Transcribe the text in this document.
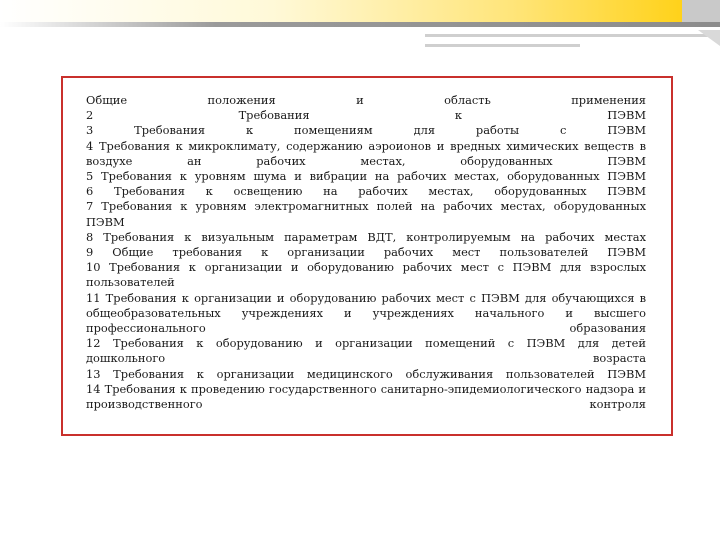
Общие положения и область применения
2 Требования к ПЭВМ
3 Требования к помещениям для работы с ПЭВМ
4 Требования к микроклимату, содержанию аэроионов и вредных химических веществ в
воздухе ан рабочих местах, оборудованных ПЭВМ
5 Требования к уровням шума и вибрации на рабочих местах, оборудованных ПЭВМ
6 Требования к освещению на рабочих местах, оборудованных ПЭВМ
7 Требования к уровням электромагнитных полей на рабочих местах, оборудованных
ПЭВМ
8 Требования к визуальным параметрам ВДТ, контролируемым на рабочих местах
9 Общие требования к организации рабочих мест пользователей ПЭВМ
10 Требования к организации и оборудованию рабочих мест с ПЭВМ для взрослых
пользователей
11 Требования к организации и оборудованию рабочих мест с ПЭВМ для обучающихся в
общеобразовательных учреждениях и учреждениях начального и высшего
профессионального образования
12 Требования к оборудованию и организации помещений с ПЭВМ для детей
дошкольного возраста
13 Требования к организации медицинского обслуживания пользователей ПЭВМ
14 Требования к проведению государственного санитарно-эпидемиологического надзора и
производственного контроля
